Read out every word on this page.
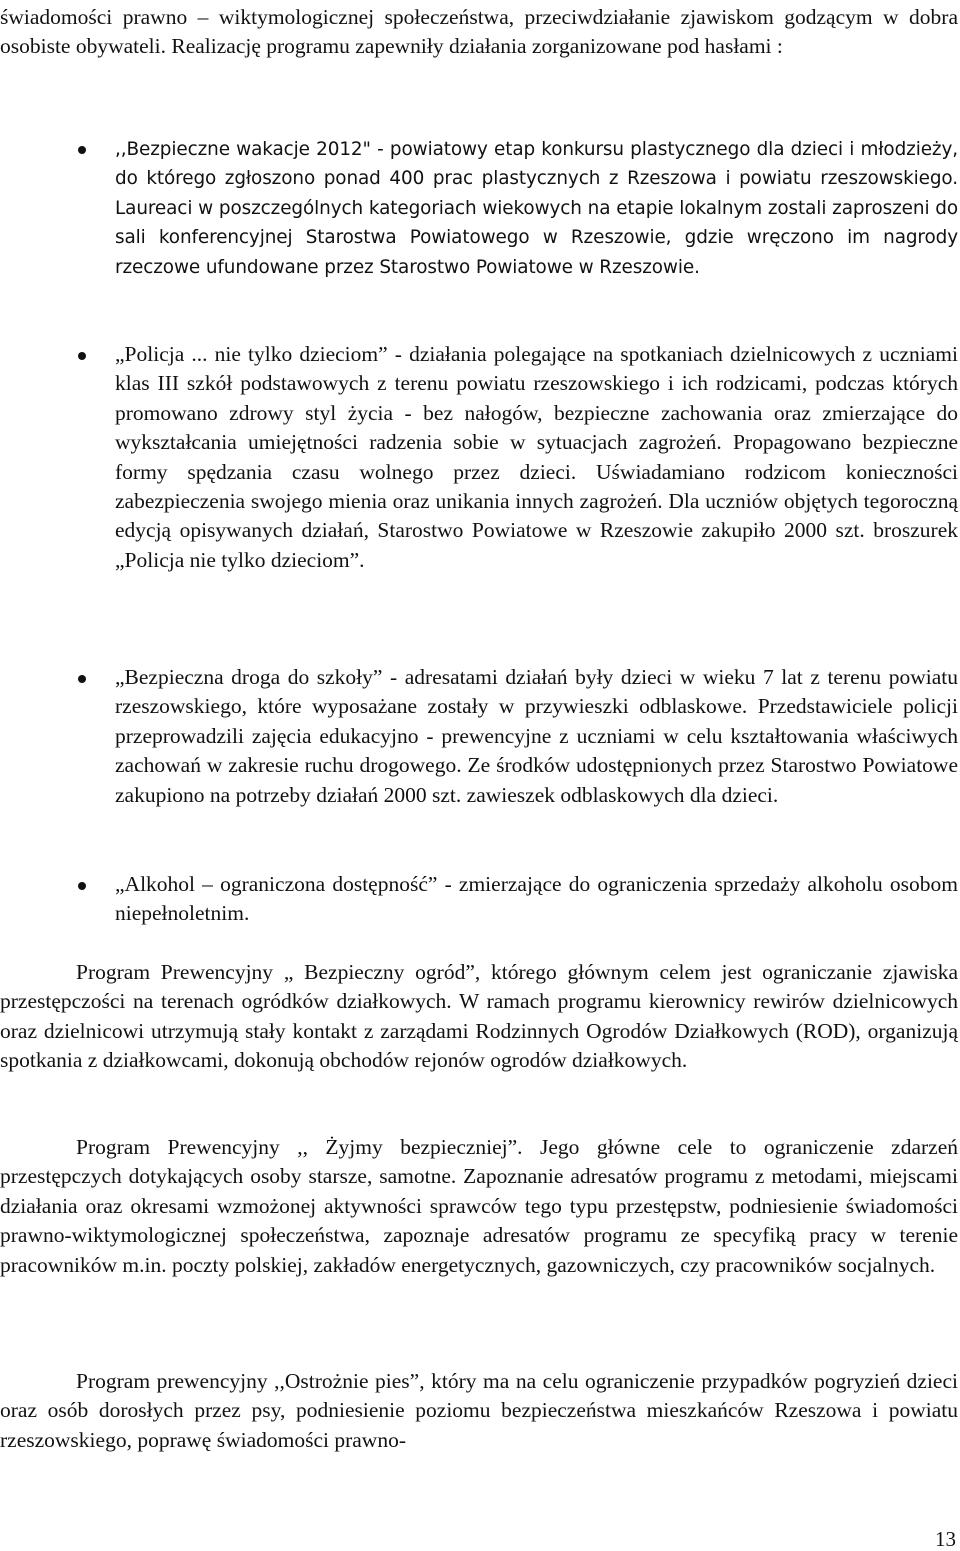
świadomości prawno – wiktymologicznej społeczeństwa, przeciwdziałanie zjawiskom godzącym w dobra osobiste obywateli. Realizację programu zapewniły działania zorganizowane pod hasłami :

,,Bezpieczne wakacje 2012" - powiatowy etap konkursu plastycznego dla dzieci i młodzieży, do którego zgłoszono ponad 400 prac plastycznych z Rzeszowa i powiatu rzeszowskiego. Laureaci w poszczególnych kategoriach wiekowych na etapie lokalnym zostali zaproszeni do sali konferencyjnej Starostwa Powiatowego w Rzeszowie, gdzie wręczono im nagrody rzeczowe ufundowane przez Starostwo Powiatowe w Rzeszowie.

„Policja ... nie tylko dzieciom” - działania polegające na spotkaniach dzielnicowych z uczniami klas III szkół podstawowych z terenu powiatu rzeszowskiego i ich rodzicami, podczas których promowano zdrowy styl życia - bez nałogów, bezpieczne zachowania oraz zmierzające do wykształcania umiejętności radzenia sobie w sytuacjach zagrożeń. Propagowano bezpieczne formy spędzania czasu wolnego przez dzieci. Uświadamiano rodzicom konieczności zabezpieczenia swojego mienia oraz unikania innych zagrożeń. Dla uczniów objętych tegoroczną edycją opisywanych działań, Starostwo Powiatowe w Rzeszowie zakupiło 2000 szt. broszurek „Policja nie tylko dzieciom”.

„Bezpieczna droga do szkoły” - adresatami działań były dzieci w wieku 7 lat z terenu powiatu rzeszowskiego, które wyposażane zostały w przywieszki odblaskowe. Przedstawiciele policji przeprowadzili zajęcia edukacyjno - prewencyjne z uczniami w celu kształtowania właściwych zachowań w zakresie ruchu drogowego. Ze środków udostępnionych przez Starostwo Powiatowe zakupiono na potrzeby działań 2000 szt. zawieszek odblaskowych dla dzieci.

„Alkohol – ograniczona dostępność” - zmierzające do ograniczenia sprzedaży alkoholu osobom niepełnoletnim.

Program Prewencyjny „ Bezpieczny ogród”, którego głównym celem jest ograniczanie zjawiska przestępczości na terenach ogródków działkowych. W ramach programu kierownicy rewirów dzielnicowych oraz dzielnicowi utrzymują stały kontakt z zarządami Rodzinnych Ogrodów Działkowych (ROD), organizują spotkania z działkowcami, dokonują obchodów rejonów ogrodów działkowych.

Program Prewencyjny ,, Żyjmy bezpieczniej”. Jego główne cele to ograniczenie zdarzeń przestępczych dotykających osoby starsze, samotne. Zapoznanie adresatów programu z metodami, miejscami działania oraz okresami wzmożonej aktywności sprawców tego typu przestępstw, podniesienie świadomości prawno-wiktymologicznej społeczeństwa, zapoznaje adresatów programu ze specyfiką pracy w terenie pracowników m.in. poczty polskiej, zakładów energetycznych, gazowniczych, czy pracowników socjalnych.

Program prewencyjny ,,Ostrożnie pies”, który ma na celu ograniczenie przypadków pogryzień dzieci oraz osób dorosłych przez psy, podniesienie poziomu bezpieczeństwa mieszkańców Rzeszowa i powiatu rzeszowskiego, poprawę świadomości prawno-

13
